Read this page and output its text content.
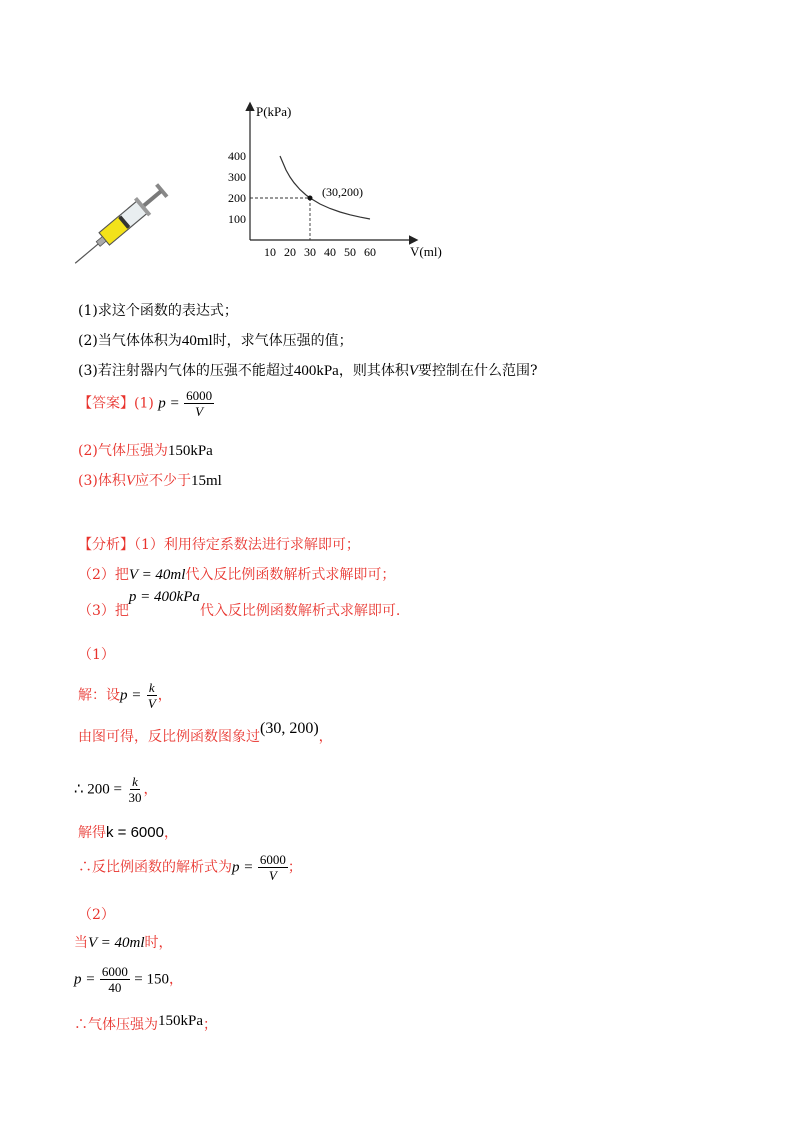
P(kPa)
V(ml)
10 20 30 40 50 60
100
200
300
400
(30,200)
(1)求这个函数的表达式；
(2)当气体体积为40ml时，求气体压强的值；
(3)若注射器内气体的压强不能超过400kPa，则其体积V要控制在什么范围?
【答案】(1) $p = \frac{6000}{V}$
(2)气体压强为150kPa
(3)体积V应不少于15ml
【分析】（1）利用待定系数法进行求解即可；
（2）把V = 40ml代入反比例函数解析式求解即可；
（3）把p = 400kPa代入反比例函数解析式求解即可.
（1）
解：设$p = \frac{k}{V}$ ，
由图可得，反比例函数图象过(30, 200)，
∴ $200 = \frac{k}{30}$ ，
解得k = 6000，
∴反比例函数的解析式为$p = \frac{6000}{V}$ ；
（2）
当V = 40ml时，
$p = \frac{6000}{40} = 150$，
∴气体压强为150kPa；
